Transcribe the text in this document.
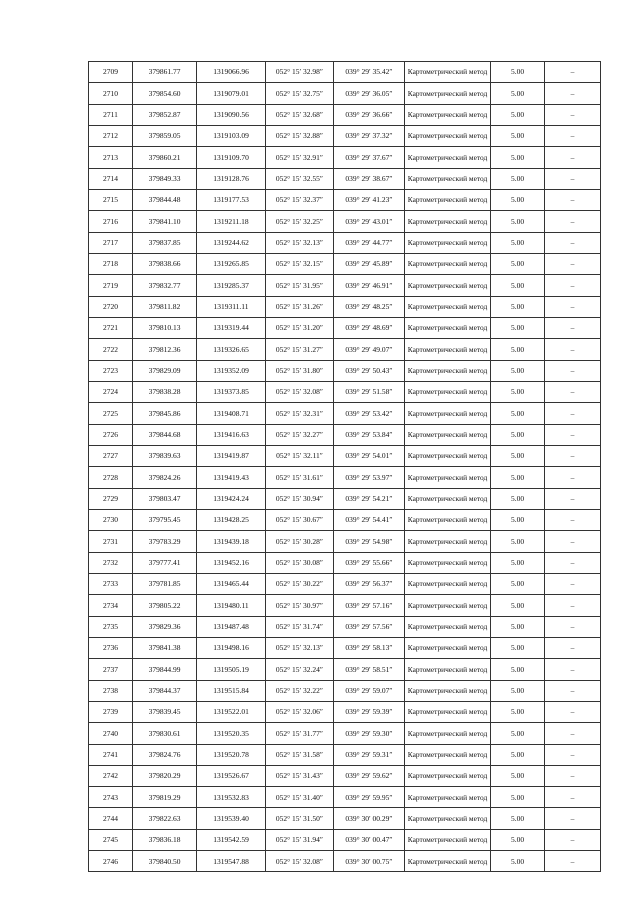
2709	379861.77	1319066.96	052° 15′ 32.98″	039° 29′ 35.42″	Картометрический метод	5.00	–
2710	379854.60	1319079.01	052° 15′ 32.75″	039° 29′ 36.05″	Картометрический метод	5.00	–
2711	379852.87	1319090.56	052° 15′ 32.68″	039° 29′ 36.66″	Картометрический метод	5.00	–
2712	379859.05	1319103.09	052° 15′ 32.88″	039° 29′ 37.32″	Картометрический метод	5.00	–
2713	379860.21	1319109.70	052° 15′ 32.91″	039° 29′ 37.67″	Картометрический метод	5.00	–
2714	379849.33	1319128.76	052° 15′ 32.55″	039° 29′ 38.67″	Картометрический метод	5.00	–
2715	379844.48	1319177.53	052° 15′ 32.37″	039° 29′ 41.23″	Картометрический метод	5.00	–
2716	379841.10	1319211.18	052° 15′ 32.25″	039° 29′ 43.01″	Картометрический метод	5.00	–
2717	379837.85	1319244.62	052° 15′ 32.13″	039° 29′ 44.77″	Картометрический метод	5.00	–
2718	379838.66	1319265.85	052° 15′ 32.15″	039° 29′ 45.89″	Картометрический метод	5.00	–
2719	379832.77	1319285.37	052° 15′ 31.95″	039° 29′ 46.91″	Картометрический метод	5.00	–
2720	379811.82	1319311.11	052° 15′ 31.26″	039° 29′ 48.25″	Картометрический метод	5.00	–
2721	379810.13	1319319.44	052° 15′ 31.20″	039° 29′ 48.69″	Картометрический метод	5.00	–
2722	379812.36	1319326.65	052° 15′ 31.27″	039° 29′ 49.07″	Картометрический метод	5.00	–
2723	379829.09	1319352.09	052° 15′ 31.80″	039° 29′ 50.43″	Картометрический метод	5.00	–
2724	379838.28	1319373.85	052° 15′ 32.08″	039° 29′ 51.58″	Картометрический метод	5.00	–
2725	379845.86	1319408.71	052° 15′ 32.31″	039° 29′ 53.42″	Картометрический метод	5.00	–
2726	379844.68	1319416.63	052° 15′ 32.27″	039° 29′ 53.84″	Картометрический метод	5.00	–
2727	379839.63	1319419.87	052° 15′ 32.11″	039° 29′ 54.01″	Картометрический метод	5.00	–
2728	379824.26	1319419.43	052° 15′ 31.61″	039° 29′ 53.97″	Картометрический метод	5.00	–
2729	379803.47	1319424.24	052° 15′ 30.94″	039° 29′ 54.21″	Картометрический метод	5.00	–
2730	379795.45	1319428.25	052° 15′ 30.67″	039° 29′ 54.41″	Картометрический метод	5.00	–
2731	379783.29	1319439.18	052° 15′ 30.28″	039° 29′ 54.98″	Картометрический метод	5.00	–
2732	379777.41	1319452.16	052° 15′ 30.08″	039° 29′ 55.66″	Картометрический метод	5.00	–
2733	379781.85	1319465.44	052° 15′ 30.22″	039° 29′ 56.37″	Картометрический метод	5.00	–
2734	379805.22	1319480.11	052° 15′ 30.97″	039° 29′ 57.16″	Картометрический метод	5.00	–
2735	379829.36	1319487.48	052° 15′ 31.74″	039° 29′ 57.56″	Картометрический метод	5.00	–
2736	379841.38	1319498.16	052° 15′ 32.13″	039° 29′ 58.13″	Картометрический метод	5.00	–
2737	379844.99	1319505.19	052° 15′ 32.24″	039° 29′ 58.51″	Картометрический метод	5.00	–
2738	379844.37	1319515.84	052° 15′ 32.22″	039° 29′ 59.07″	Картометрический метод	5.00	–
2739	379839.45	1319522.01	052° 15′ 32.06″	039° 29′ 59.39″	Картометрический метод	5.00	–
2740	379830.61	1319520.35	052° 15′ 31.77″	039° 29′ 59.30″	Картометрический метод	5.00	–
2741	379824.76	1319520.78	052° 15′ 31.58″	039° 29′ 59.31″	Картометрический метод	5.00	–
2742	379820.29	1319526.67	052° 15′ 31.43″	039° 29′ 59.62″	Картометрический метод	5.00	–
2743	379819.29	1319532.83	052° 15′ 31.40″	039° 29′ 59.95″	Картометрический метод	5.00	–
2744	379822.63	1319539.40	052° 15′ 31.50″	039° 30′ 00.29″	Картометрический метод	5.00	–
2745	379836.18	1319542.59	052° 15′ 31.94″	039° 30′ 00.47″	Картометрический метод	5.00	–
2746	379840.50	1319547.88	052° 15′ 32.08″	039° 30′ 00.75″	Картометрический метод	5.00	–
